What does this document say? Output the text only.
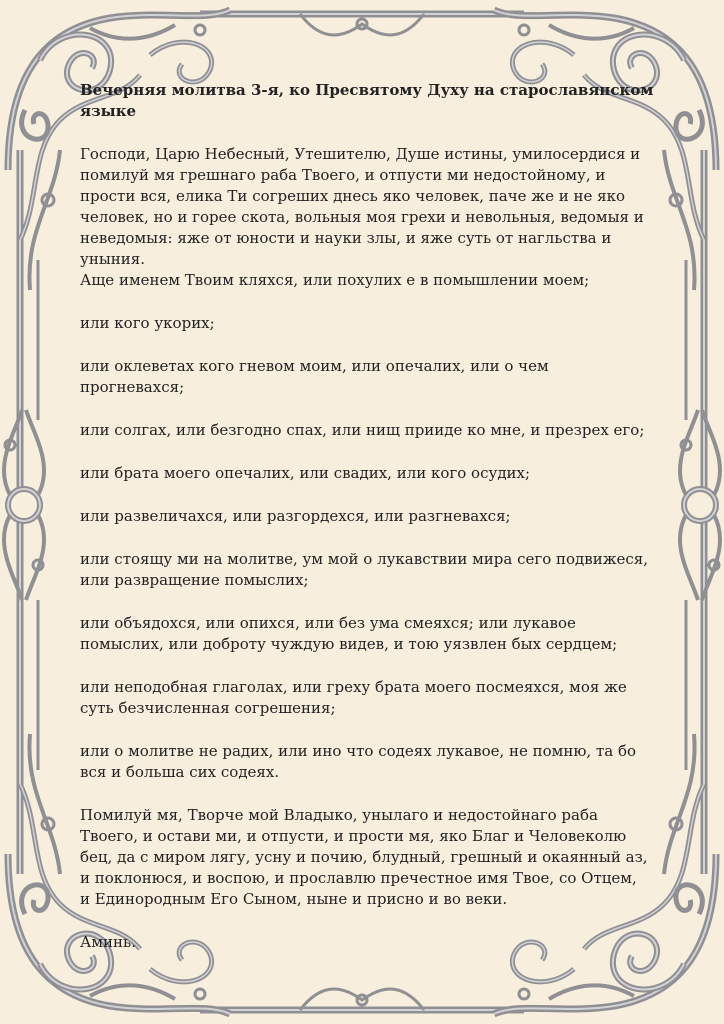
Вечерняя молитва 3-я, ко Пресвятому Духу на старославянском языке

Господи, Царю Небесный, Утешителю, Душе истины, умилосердися и помилуй мя грешнаго раба Твоего, и отпусти ми недостойному, и прости вся, елика Ти согреших днесь яко человек, паче же и не яко человек, но и горее скота, вольныя моя грехи и невольныя, ведомыя и неведомыя: яже от юности и науки злы, и яже суть от нагльства и уныния.

Аще именем Твоим кляхся, или похулих е в помышлении моем;

или кого укорих;

или оклеветах кого гневом моим, или опечалих, или о чем прогневахся;

или солгах, или безгодно спах, или нищ прииде ко мне, и презрех его;

или брата моего опечалих, или свадих, или кого осудих;

или развеличахся, или разгордехся, или разгневахся;

или стоящу ми на молитве, ум мой о лукавствии мира сего подвижеся, или развращение помыслих;

или объядохся, или опихся, или без ума смеяхся; или лукавое помыслих, или доброту чуждую видев, и тою уязвлен бых сердцем;

или неподобная глаголах, или греху брата моего посмеяхся, моя же суть безчисленная согрешения;

или о молитве не радих, или ино что содеях лукавое, не помню, та бо вся и больша сих содеях.

Помилуй мя, Творче мой Владыко, унылаго и недостойнаго раба
Твоего, и остави ми, и отпусти, и прости мя, яко Благ и Человеколю
бец, да с миром лягу, усну и почию, блудный, грешный и окаянный аз,
и поклонюся, и воспою, и прославлю пречестное имя Твое, со Отцем,
и Единородным Его Сыном, ныне и присно и во веки.

Аминь.
